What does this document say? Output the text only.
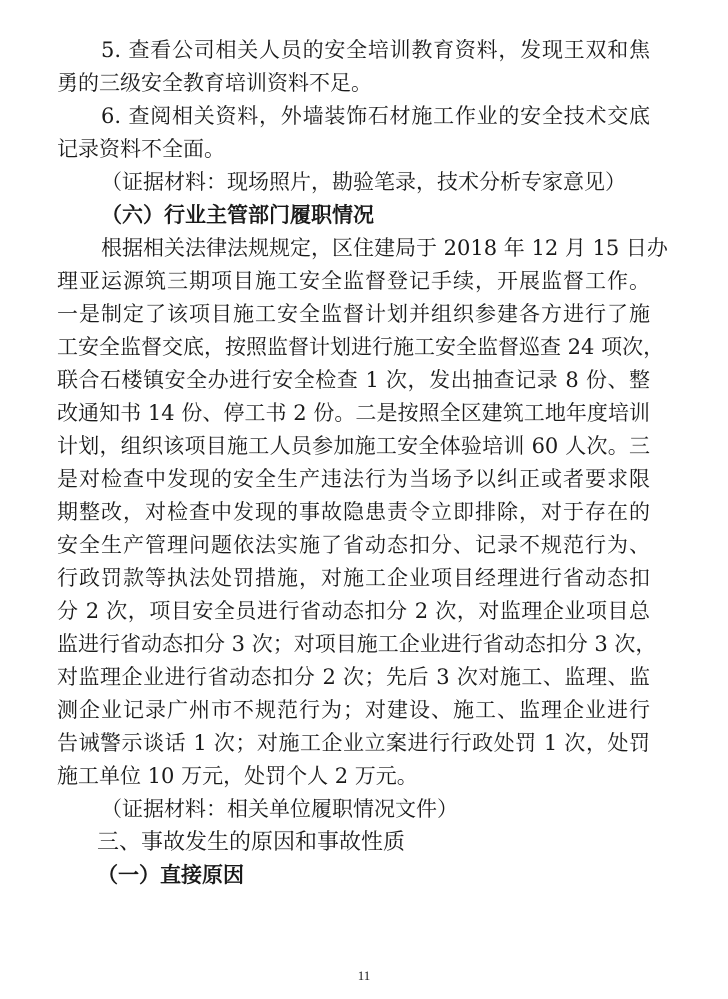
5. 查看公司相关人员的安全培训教育资料，发现王双和焦
勇的三级安全教育培训资料不足。
6. 查阅相关资料，外墙装饰石材施工作业的安全技术交底
记录资料不全面。
（证据材料：现场照片，勘验笔录，技术分析专家意见）
（六）行业主管部门履职情况
根据相关法律法规规定，区住建局于 2018 年 12 月 15 日办
理亚运源筑三期项目施工安全监督登记手续，开展监督工作。
一是制定了该项目施工安全监督计划并组织参建各方进行了施
工安全监督交底，按照监督计划进行施工安全监督巡查 24 项次，
联合石楼镇安全办进行安全检查 1 次，发出抽查记录 8 份、整
改通知书 14 份、停工书 2 份。二是按照全区建筑工地年度培训
计划，组织该项目施工人员参加施工安全体验培训 60 人次。三
是对检查中发现的安全生产违法行为当场予以纠正或者要求限
期整改，对检查中发现的事故隐患责令立即排除，对于存在的
安全生产管理问题依法实施了省动态扣分、记录不规范行为、
行政罚款等执法处罚措施，对施工企业项目经理进行省动态扣
分 2 次，项目安全员进行省动态扣分 2 次，对监理企业项目总
监进行省动态扣分 3 次；对项目施工企业进行省动态扣分 3 次，
对监理企业进行省动态扣分 2 次；先后 3 次对施工、监理、监
测企业记录广州市不规范行为；对建设、施工、监理企业进行
告诫警示谈话 1 次；对施工企业立案进行行政处罚 1 次，处罚
施工单位 10 万元，处罚个人 2 万元。
（证据材料：相关单位履职情况文件）
三、事故发生的原因和事故性质
（一）直接原因
11
